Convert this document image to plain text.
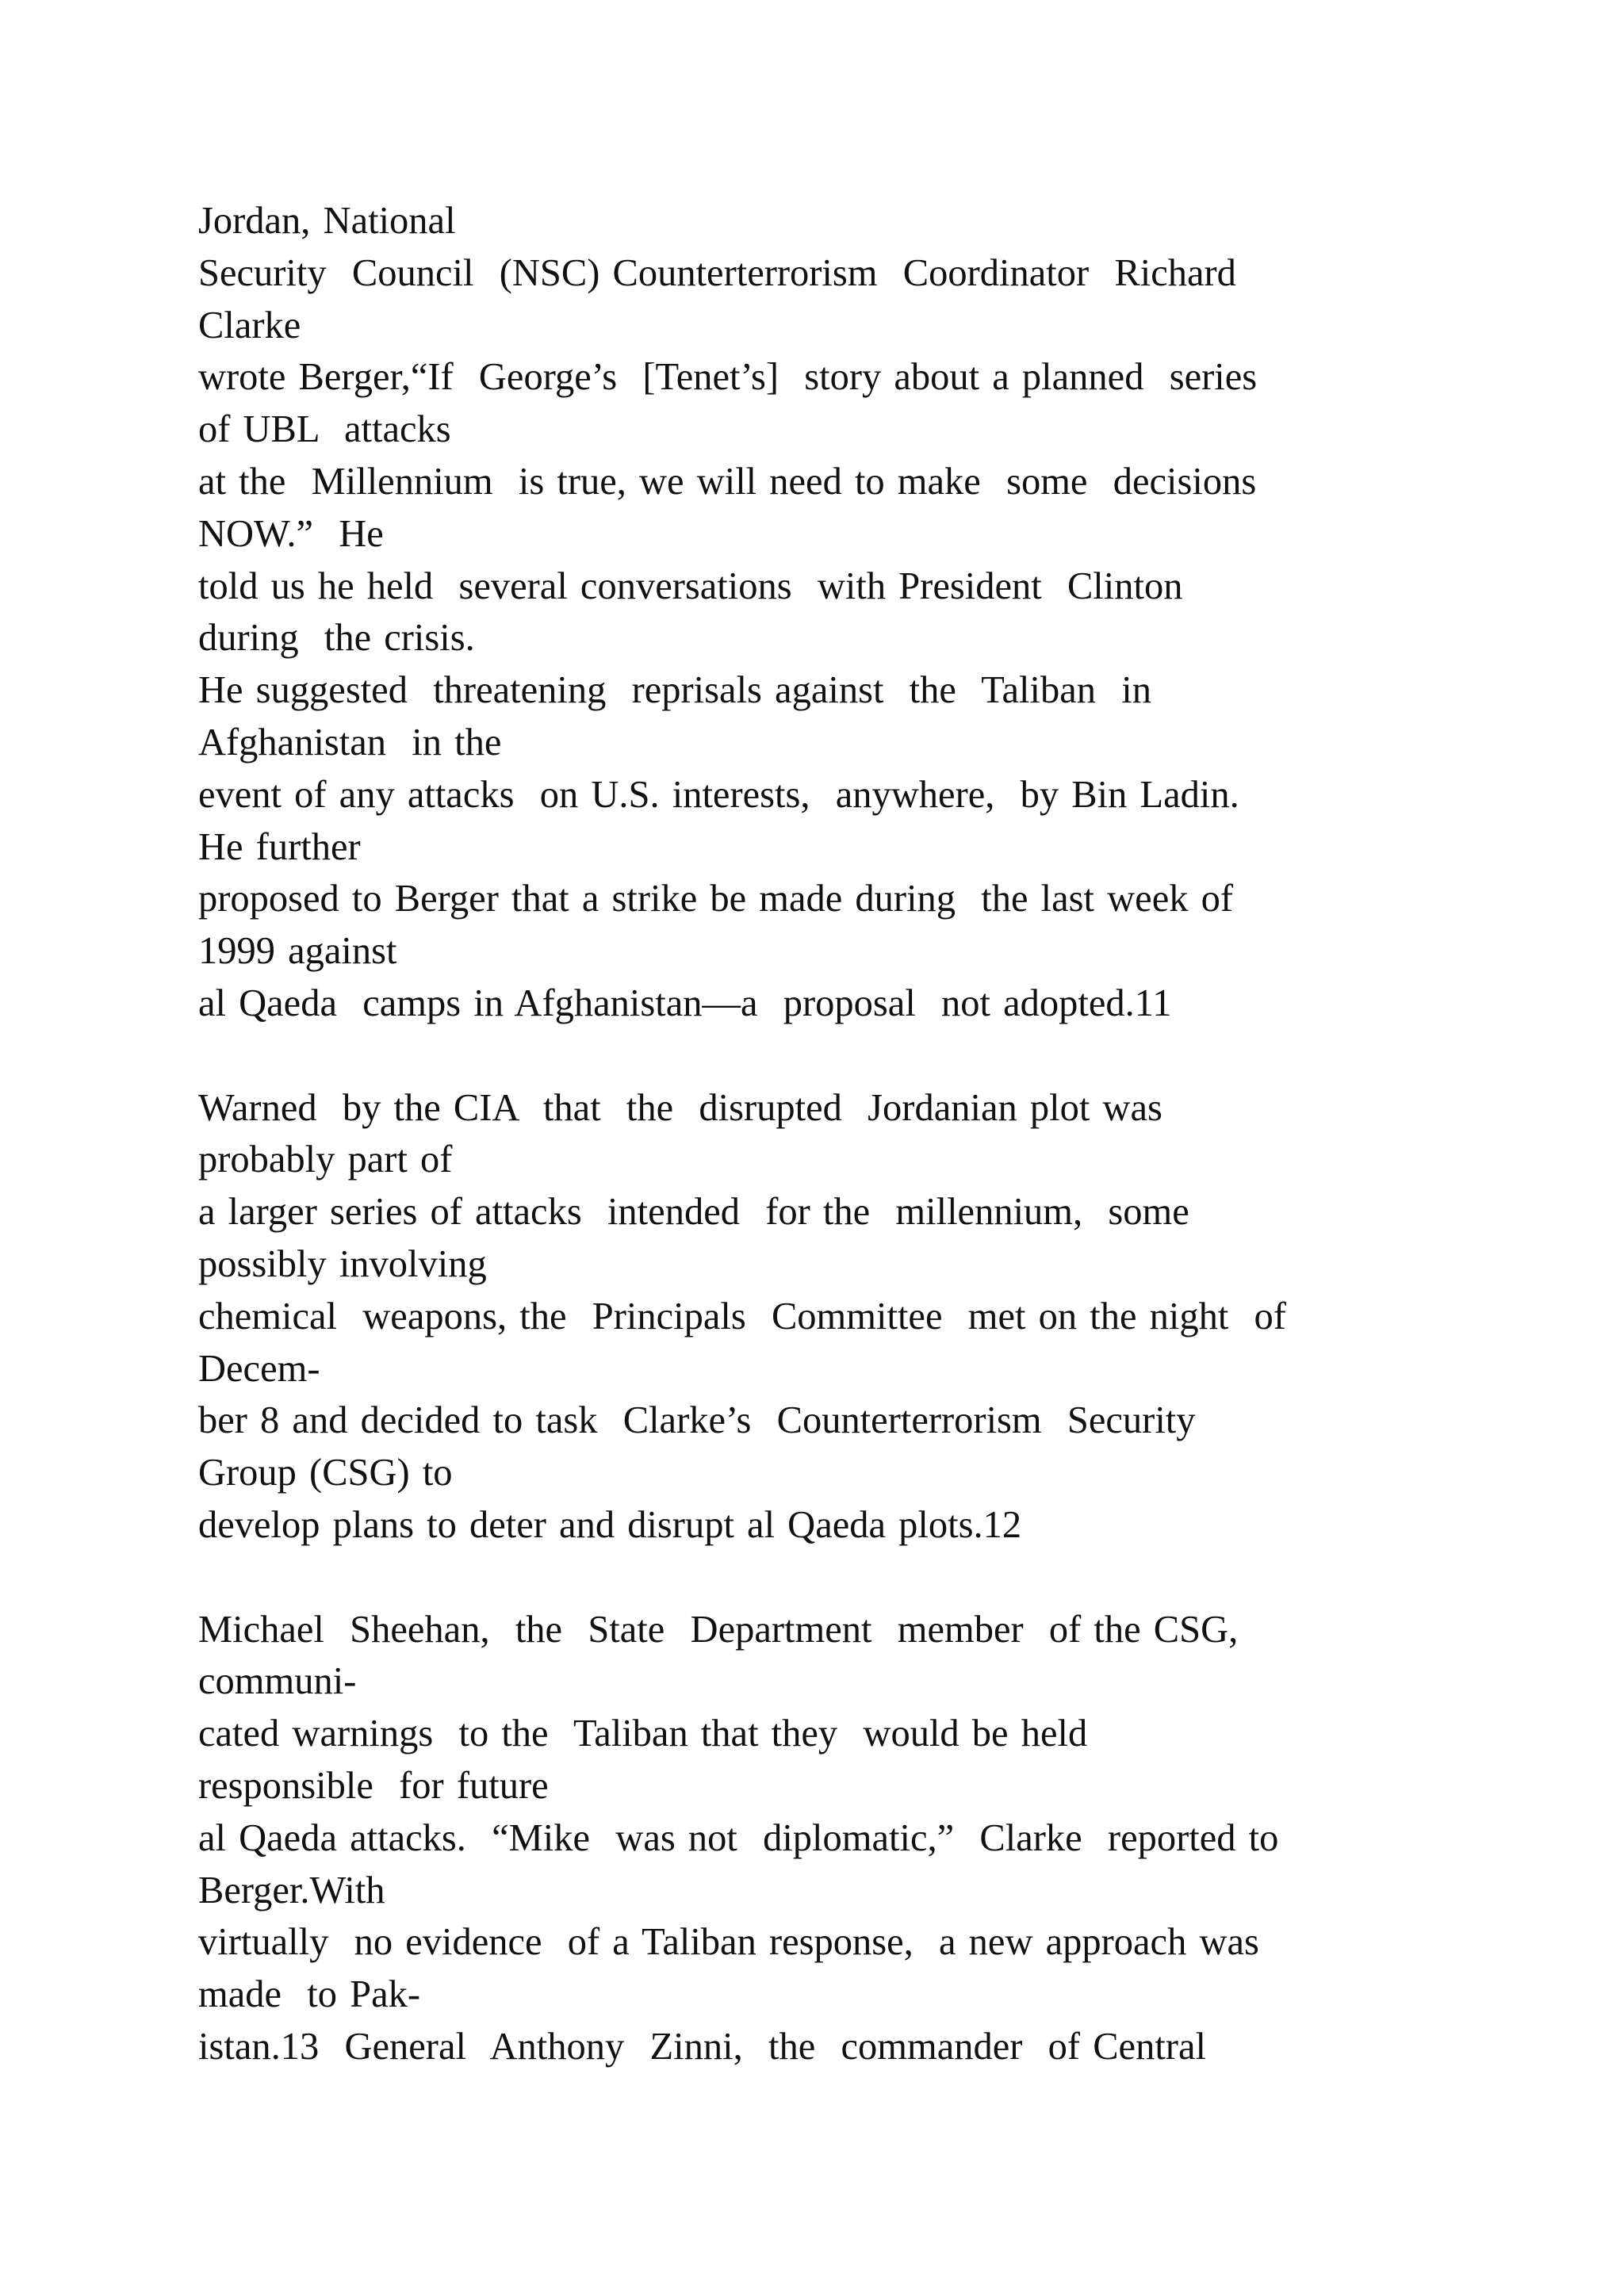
Jordan, National
Security  Council  (NSC) Counterterrorism  Coordinator  Richard
Clarke
wrote Berger,“If  George’s  [Tenet’s]  story about a planned  series
of UBL  attacks
at the  Millennium  is true, we will need to make  some  decisions
NOW.”  He
told us he held  several conversations  with President  Clinton
during  the crisis.
He suggested  threatening  reprisals against  the  Taliban  in
Afghanistan  in the
event of any attacks  on U.S. interests,  anywhere,  by Bin Ladin.
He further
proposed to Berger that a strike be made during  the last week of
1999 against
al Qaeda  camps in Afghanistan—a  proposal  not adopted.11
Warned  by the CIA  that  the  disrupted  Jordanian plot was
probably part of
a larger series of attacks  intended  for the  millennium,  some
possibly involving
chemical  weapons, the  Principals  Committee  met on the night  of
Decem-
ber 8 and decided to task  Clarke’s  Counterterrorism  Security
Group (CSG) to
develop plans to deter and disrupt al Qaeda plots.12
Michael  Sheehan,  the  State  Department  member  of the CSG,
communi-
cated warnings  to the  Taliban that they  would be held
responsible  for future
al Qaeda attacks.  “Mike  was not  diplomatic,”  Clarke  reported to
Berger.With
virtually  no evidence  of a Taliban response,  a new approach was
made  to Pak-
istan.13  General  Anthony  Zinni,  the  commander  of Central
